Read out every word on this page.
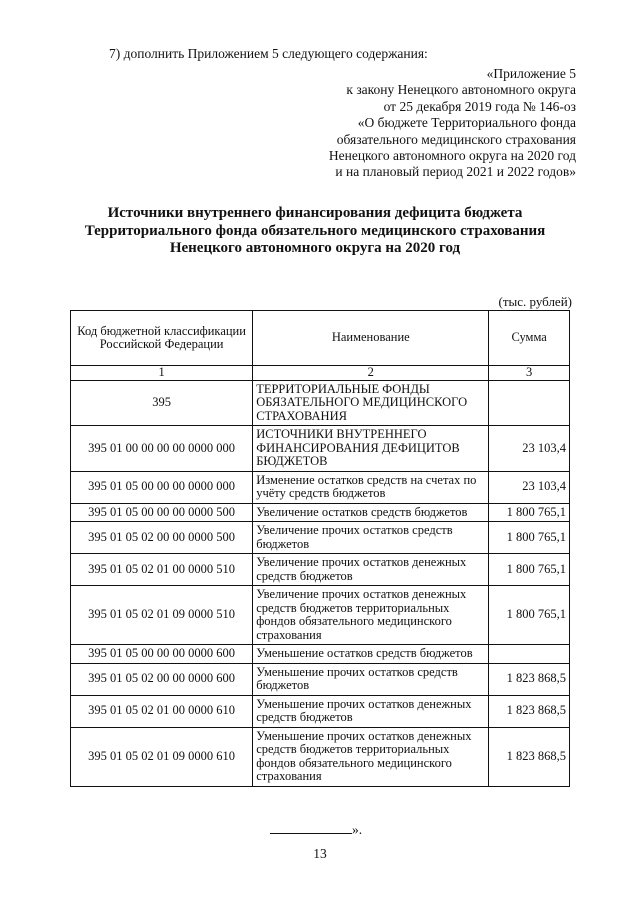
7) дополнить Приложением 5 следующего содержания:
«Приложение 5
к закону Ненецкого автономного округа
от 25 декабря 2019 года № 146-оз
«О бюджете Территориального фонда
обязательного медицинского страхования
Ненецкого автономного округа на 2020 год
и на плановый период 2021 и 2022 годов»
Источники внутреннего финансирования дефицита бюджета
Территориального фонда обязательного медицинского страхования
Ненецкого автономного округа на 2020 год
(тыс. рублей)
Код бюджетной классификации Российской Федерации	Наименование	Сумма
1	2	3
395	ТЕРРИТОРИАЛЬНЫЕ ФОНДЫ ОБЯЗАТЕЛЬНОГО МЕДИЦИНСКОГО СТРАХОВАНИЯ	
395 01 00 00 00 00 0000 000	ИСТОЧНИКИ ВНУТРЕННЕГО ФИНАНСИРОВАНИЯ ДЕФИЦИТОВ БЮДЖЕТОВ	23 103,4
395 01 05 00 00 00 0000 000	Изменение остатков средств на счетах по учёту средств бюджетов	23 103,4
395 01 05 00 00 00 0000 500	Увеличение остатков средств бюджетов	1 800 765,1
395 01 05 02 00 00 0000 500	Увеличение прочих остатков средств бюджетов	1 800 765,1
395 01 05 02 01 00 0000 510	Увеличение прочих остатков денежных средств бюджетов	1 800 765,1
395 01 05 02 01 09 0000 510	Увеличение прочих остатков денежных средств бюджетов территориальных фондов обязательного медицинского страхования	1 800 765,1
395 01 05 00 00 00 0000 600	Уменьшение остатков средств бюджетов	
395 01 05 02 00 00 0000 600	Уменьшение прочих остатков средств бюджетов	1 823 868,5
395 01 05 02 01 00 0000 610	Уменьшение прочих остатков денежных средств бюджетов	1 823 868,5
395 01 05 02 01 09 0000 610	Уменьшение прочих остатков денежных средств бюджетов территориальных фондов обязательного медицинского страхования	1 823 868,5
».
13
